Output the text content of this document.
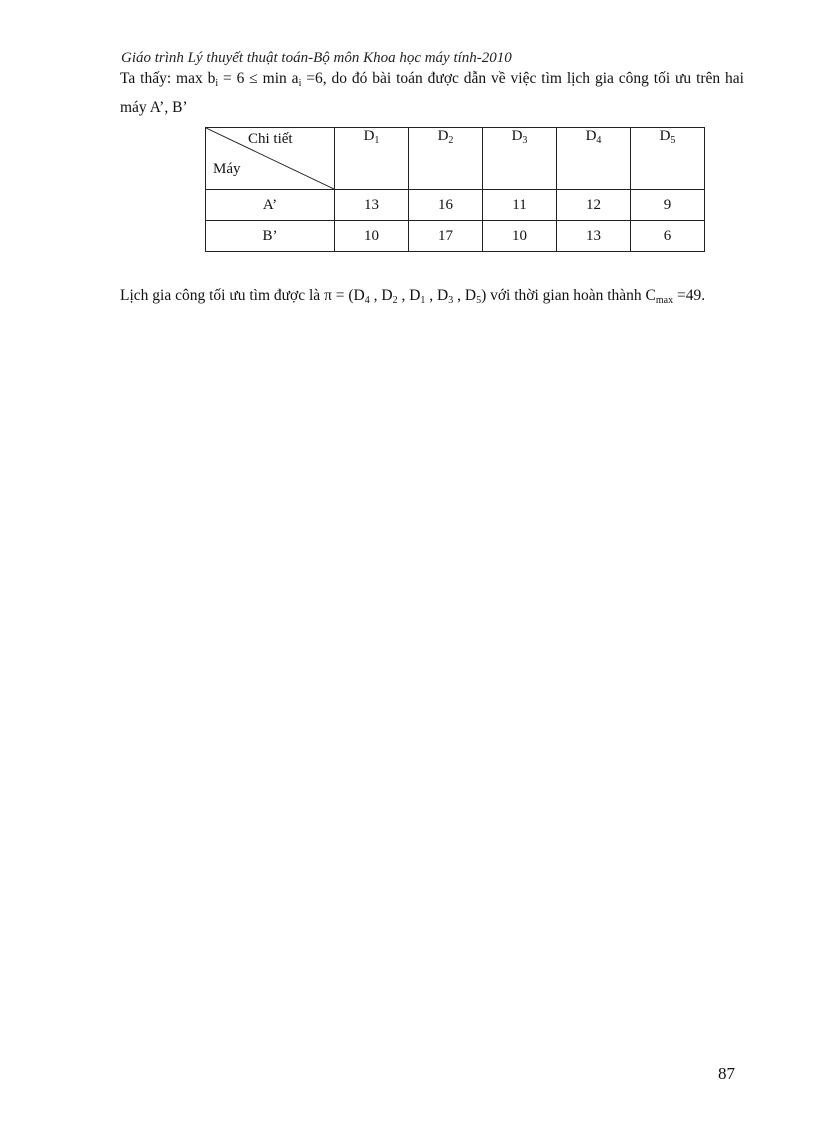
Giáo trình Lý thuyết thuật toán-Bộ môn Khoa học máy tính-2010

Ta thấy: $\max b_i = 6 \le \min a_i =6$, do đó bài toán được dẫn về việc tìm lịch gia công tối ưu trên hai máy A’, B’

Chi tiết
Máy	$D_1$	$D_2$	$D_3$	$D_4$	$D_5$
A’	13	16	11	12	9
B’	10	17	10	13	6

Lịch gia công tối ưu tìm được là $\pi = (D_4$ , $D_2$ , $D_1$ , $D_3$ , $D_5$) với thời gian hoàn thành $C_{max} =49$.

87
